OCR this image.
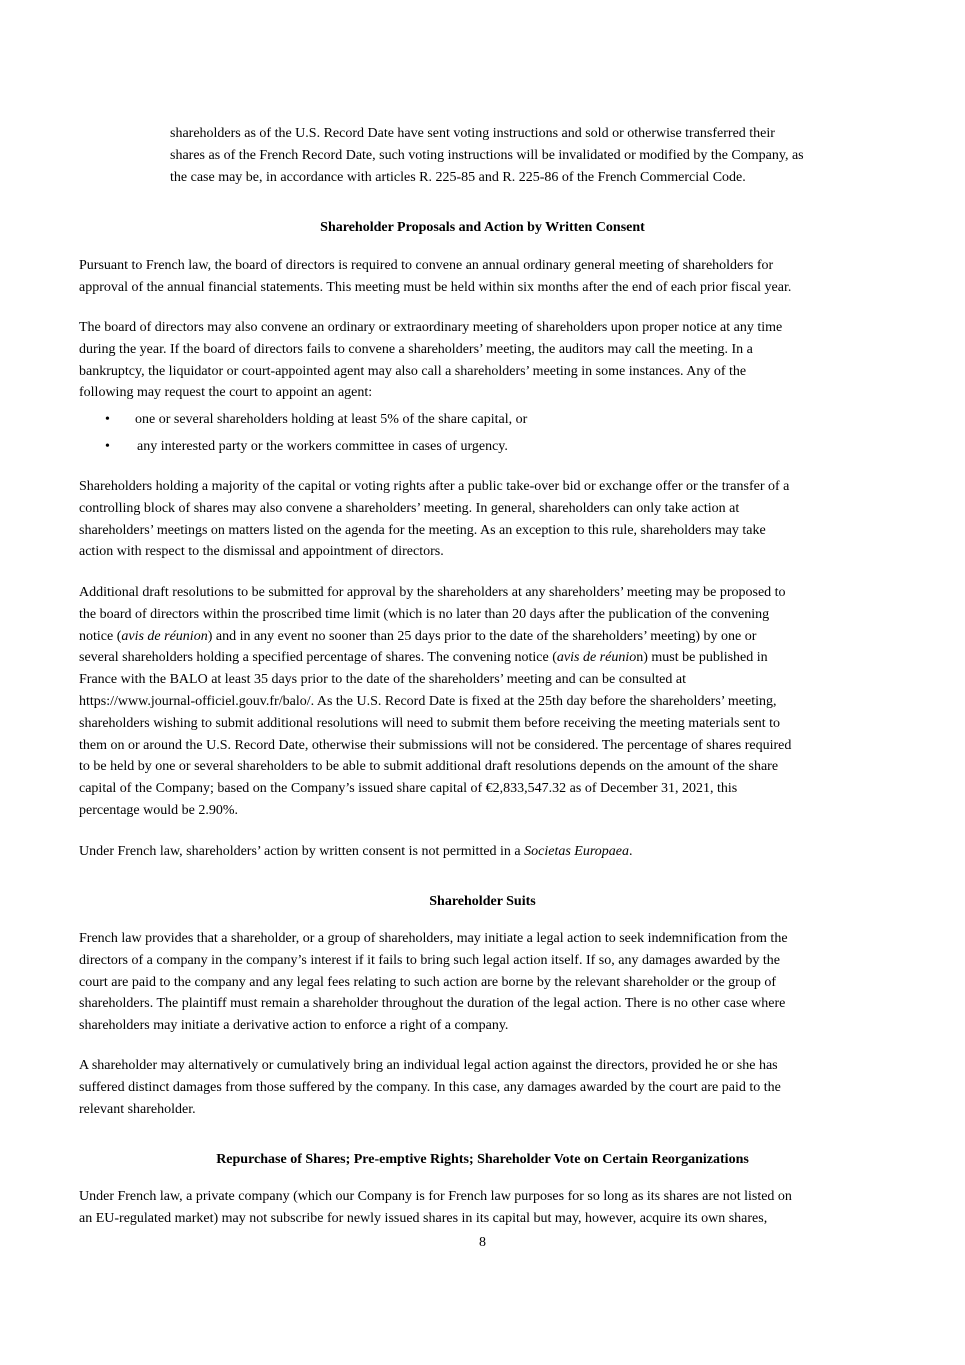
shareholders as of the U.S. Record Date have sent voting instructions and sold or otherwise transferred their
shares as of the French Record Date, such voting instructions will be invalidated or modified by the Company, as
the case may be, in accordance with articles R. 225-85 and R. 225-86 of the French Commercial Code.
Shareholder Proposals and Action by Written Consent
Pursuant to French law, the board of directors is required to convene an annual ordinary general meeting of shareholders for
approval of the annual financial statements. This meeting must be held within six months after the end of each prior fiscal year.
The board of directors may also convene an ordinary or extraordinary meeting of shareholders upon proper notice at any time
during the year. If the board of directors fails to convene a shareholders’ meeting, the auditors may call the meeting. In a
bankruptcy, the liquidator or court-appointed agent may also call a shareholders’ meeting in some instances. Any of the
following may request the court to appoint an agent:
• one or several shareholders holding at least 5% of the share capital, or
• any interested party or the workers committee in cases of urgency.
Shareholders holding a majority of the capital or voting rights after a public take-over bid or exchange offer or the transfer of a
controlling block of shares may also convene a shareholders’ meeting. In general, shareholders can only take action at
shareholders’ meetings on matters listed on the agenda for the meeting. As an exception to this rule, shareholders may take
action with respect to the dismissal and appointment of directors.
Additional draft resolutions to be submitted for approval by the shareholders at any shareholders’ meeting may be proposed to
the board of directors within the proscribed time limit (which is no later than 20 days after the publication of the convening
notice (avis de réunion) and in any event no sooner than 25 days prior to the date of the shareholders’ meeting) by one or
several shareholders holding a specified percentage of shares. The convening notice (avis de réunion) must be published in
France with the BALO at least 35 days prior to the date of the shareholders’ meeting and can be consulted at
https://www.journal-officiel.gouv.fr/balo/. As the U.S. Record Date is fixed at the 25th day before the shareholders’ meeting,
shareholders wishing to submit additional resolutions will need to submit them before receiving the meeting materials sent to
them on or around the U.S. Record Date, otherwise their submissions will not be considered. The percentage of shares required
to be held by one or several shareholders to be able to submit additional draft resolutions depends on the amount of the share
capital of the Company; based on the Company’s issued share capital of €2,833,547.32 as of December 31, 2021, this
percentage would be 2.90%.
Under French law, shareholders’ action by written consent is not permitted in a Societas Europaea.
Shareholder Suits
French law provides that a shareholder, or a group of shareholders, may initiate a legal action to seek indemnification from the
directors of a company in the company’s interest if it fails to bring such legal action itself. If so, any damages awarded by the
court are paid to the company and any legal fees relating to such action are borne by the relevant shareholder or the group of
shareholders. The plaintiff must remain a shareholder throughout the duration of the legal action. There is no other case where
shareholders may initiate a derivative action to enforce a right of a company.
A shareholder may alternatively or cumulatively bring an individual legal action against the directors, provided he or she has
suffered distinct damages from those suffered by the company. In this case, any damages awarded by the court are paid to the
relevant shareholder.
Repurchase of Shares; Pre-emptive Rights; Shareholder Vote on Certain Reorganizations
Under French law, a private company (which our Company is for French law purposes for so long as its shares are not listed on
an EU-regulated market) may not subscribe for newly issued shares in its capital but may, however, acquire its own shares,
8
